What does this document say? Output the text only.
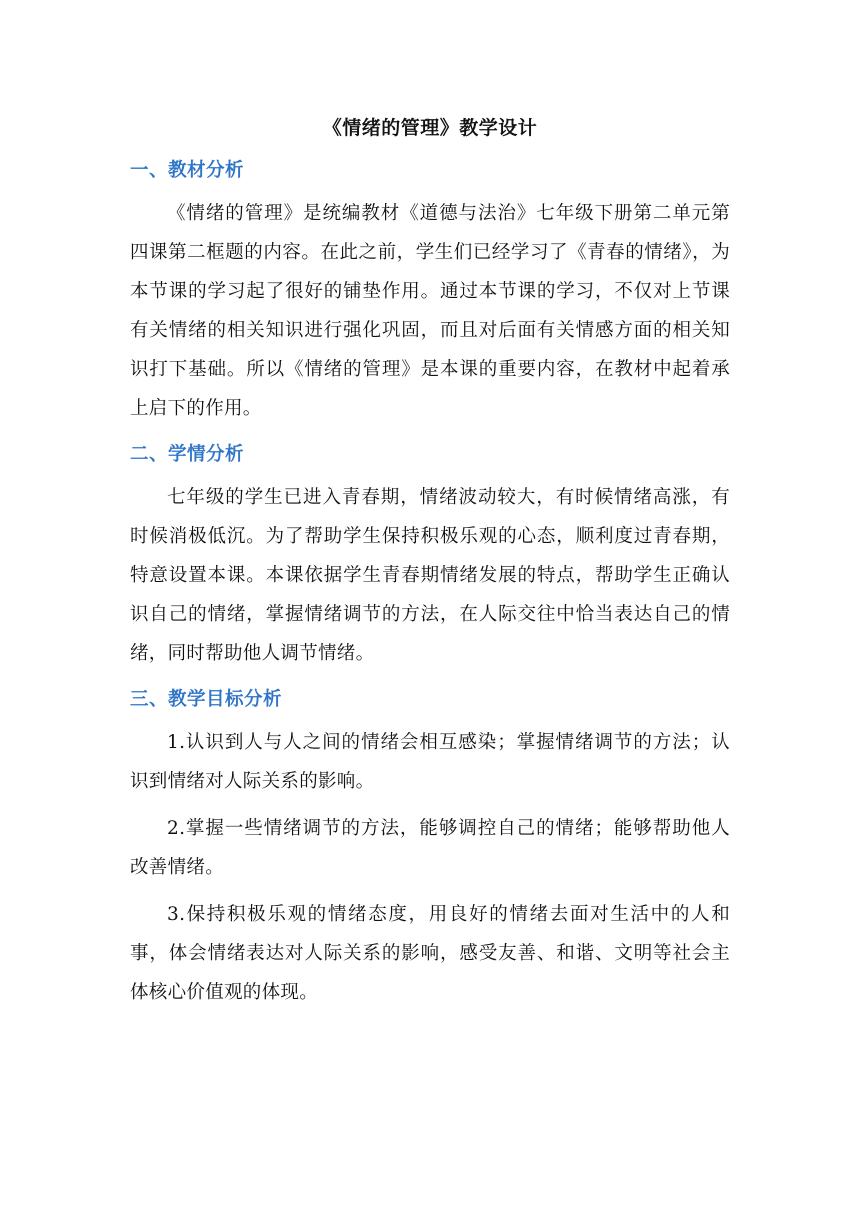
《情绪的管理》教学设计
一、教材分析

《情绪的管理》是统编教材《道德与法治》七年级下册第二单元第四课第二框题的内容。在此之前，学生们已经学习了《青春的情绪》，为本节课的学习起了很好的铺垫作用。通过本节课的学习，不仅对上节课有关情绪的相关知识进行强化巩固，而且对后面有关情感方面的相关知识打下基础。所以《情绪的管理》是本课的重要内容，在教材中起着承上启下的作用。

二、学情分析

七年级的学生已进入青春期，情绪波动较大，有时候情绪高涨，有时候消极低沉。为了帮助学生保持积极乐观的心态，顺利度过青春期，特意设置本课。本课依据学生青春期情绪发展的特点，帮助学生正确认识自己的情绪，掌握情绪调节的方法，在人际交往中恰当表达自己的情绪，同时帮助他人调节情绪。

三、教学目标分析

1.认识到人与人之间的情绪会相互感染；掌握情绪调节的方法；认识到情绪对人际关系的影响。

2.掌握一些情绪调节的方法，能够调控自己的情绪；能够帮助他人改善情绪。

3.保持积极乐观的情绪态度，用良好的情绪去面对生活中的人和事，体会情绪表达对人际关系的影响，感受友善、和谐、文明等社会主体核心价值观的体现。
